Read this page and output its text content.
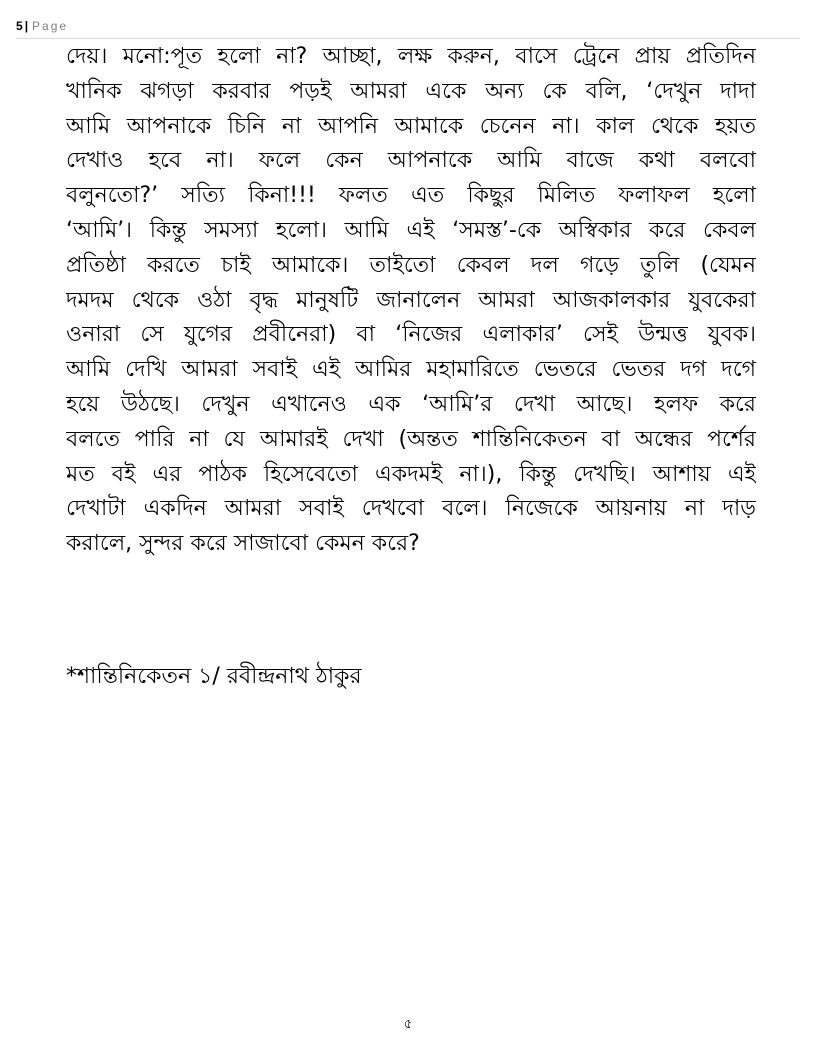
5 | Page
দেয়। মনো:পূত হলো না? আচ্ছা, লক্ষ করুন, বাসে ট্রেনে প্রায় প্রতিদিন
খানিক ঝগড়া করবার পড়ই আমরা একে অন্য কে বলি, ‘দেখুন দাদা
আমি আপনাকে চিনি না আপনি আমাকে চেনেন না। কাল থেকে হয়ত
দেখাও হবে না। ফলে কেন আপনাকে আমি বাজে কথা বলবো
বলুনতো?’ সত্যি কিনা!!! ফলত এত কিছুর মিলিত ফলাফল হলো
‘আমি’। কিন্তু সমস্যা হলো। আমি এই ‘সমস্ত’-কে অস্বিকার করে কেবল
প্রতিষ্ঠা করতে চাই আমাকে। তাইতো কেবল দল গড়ে তুলি (যেমন
দমদম থেকে ওঠা বৃদ্ধ মানুষটি জানালেন আমরা আজকালকার যুবকেরা
ওনারা সে যুগের প্রবীনেরা) বা ‘নিজের এলাকার’ সেই উন্মত্ত যুবক।
আমি দেখি আমরা সবাই এই আমির মহামারিতে ভেতরে ভেতর দগ দগে
হয়ে উঠছে। দেখুন এখানেও এক ‘আমি’র দেখা আছে। হলফ করে
বলতে পারি না যে আমারই দেখা (অন্তত শান্তিনিকেতন বা অন্ধের পর্শের
মত বই এর পাঠক হিসেবেতো একদমই না।), কিন্তু দেখছি। আশায় এই
দেখাটা একদিন আমরা সবাই দেখবো বলে। নিজেকে আয়নায় না দাড়
করালে, সুন্দর করে সাজাবো কেমন করে?
*শান্তিনিকেতন ১/ রবীন্দ্রনাথ ঠাকুর
৫
